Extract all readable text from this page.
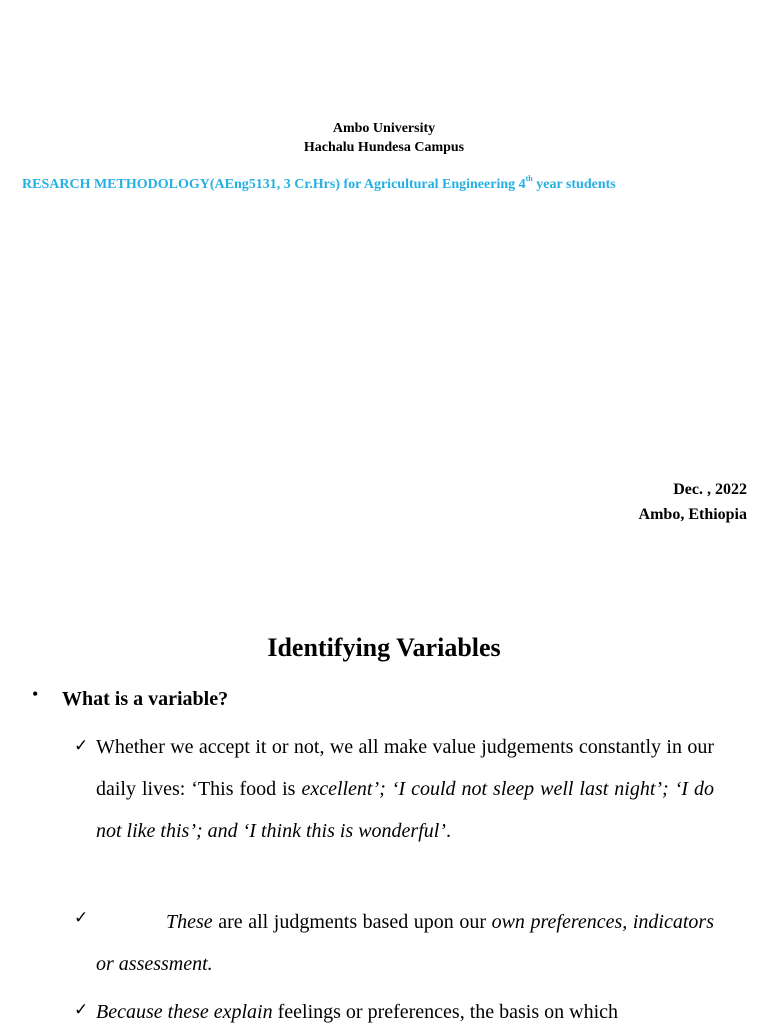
Ambo University
Hachalu Hundesa Campus
RESARCH METHODOLOGY(AEng5131, 3 Cr.Hrs) for Agricultural Engineering 4th year students
Dec. , 2022
Ambo, Ethiopia
Identifying Variables
• What is a variable?
✓ Whether we accept it or not, we all make value judgements constantly in our daily lives: ‘This food is excellent’; ‘I could not sleep well last night’; ‘I do not like this’; and ‘I think this is wonderful’.
✓	These are all judgments based upon our own preferences, indicators or assessment.
✓ Because these explain feelings or preferences, the basis on which
